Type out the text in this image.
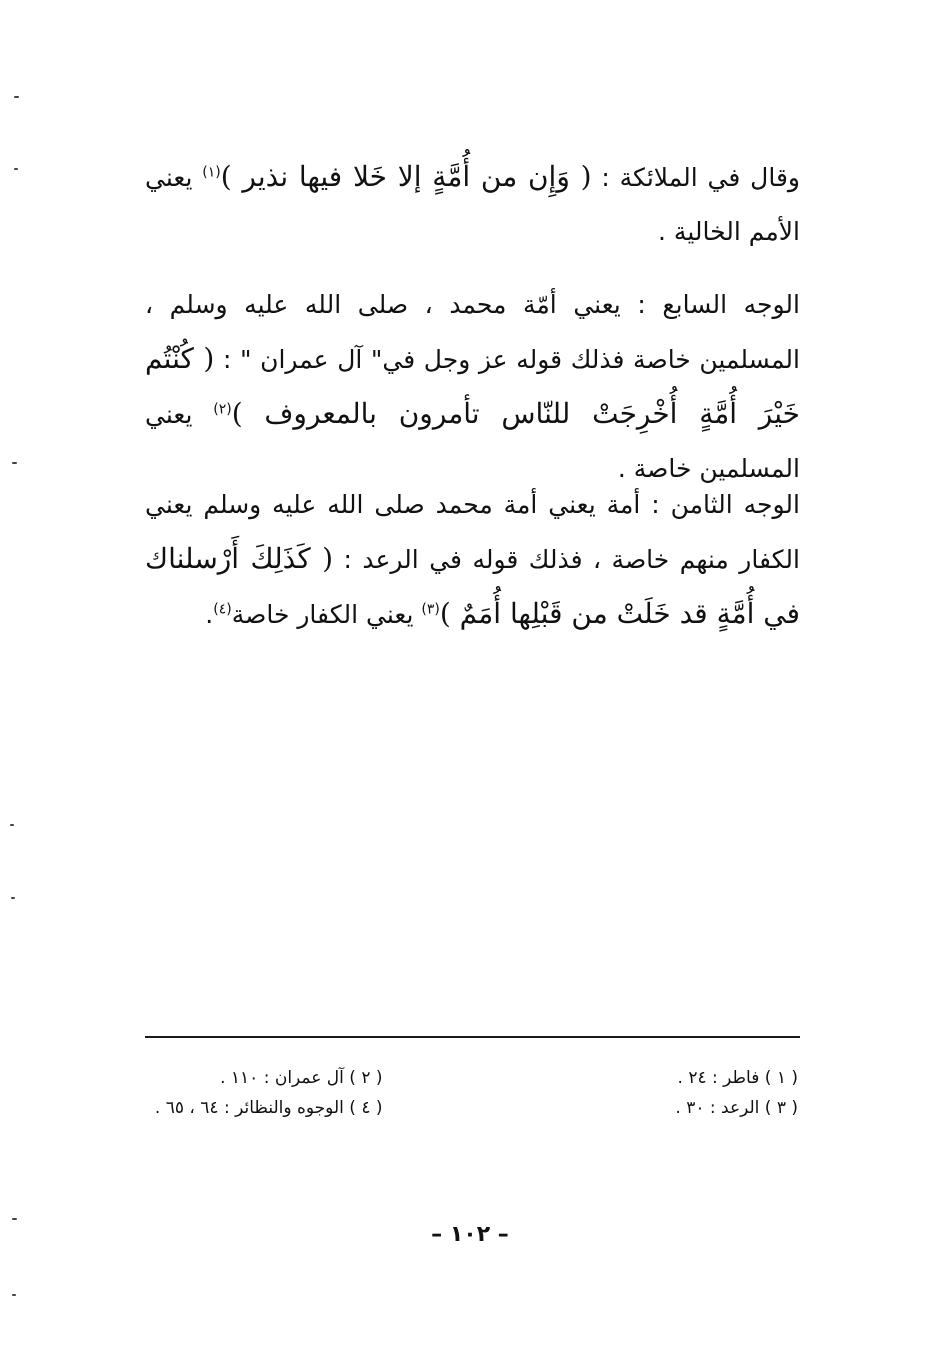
وقال في الملائكة : ( وَإِن من أُمَّةٍ إلا خَلا فيها نذير )$^{(١)}$ يعني الأمم الخالية .
الوجه السابع : يعني أمّة محمد ، صلى الله عليه وسلم ، المسلمين خاصة فذلك قوله عز وجل في" آل عمران " : ( كُنْتُم خَيْرَ أُمَّةٍ أُخْرِجَتْ للنّاس تأمرون بالمعروف )$^{(٢)}$ يعني المسلمين خاصة .
الوجه الثامن : أمة يعني أمة محمد صلى الله عليه وسلم يعني الكفار منهم خاصة ، فذلك قوله في الرعد : ( كَذَلِكَ أَرْسلناك في أُمَّةٍ قد خَلَتْ من قَبْلِها أُمَمٌ )$^{(٣)}$ يعني الكفار خاصة$^{(٤)}$.
( ١ ) فاطر : ٢٤ .
( ٢ ) آل عمران : ١١٠ .
( ٣ ) الرعد : ٣٠ .
( ٤ ) الوجوه والنظائر : ٦٤ ، ٦٥ .
– ١٠٢ –
